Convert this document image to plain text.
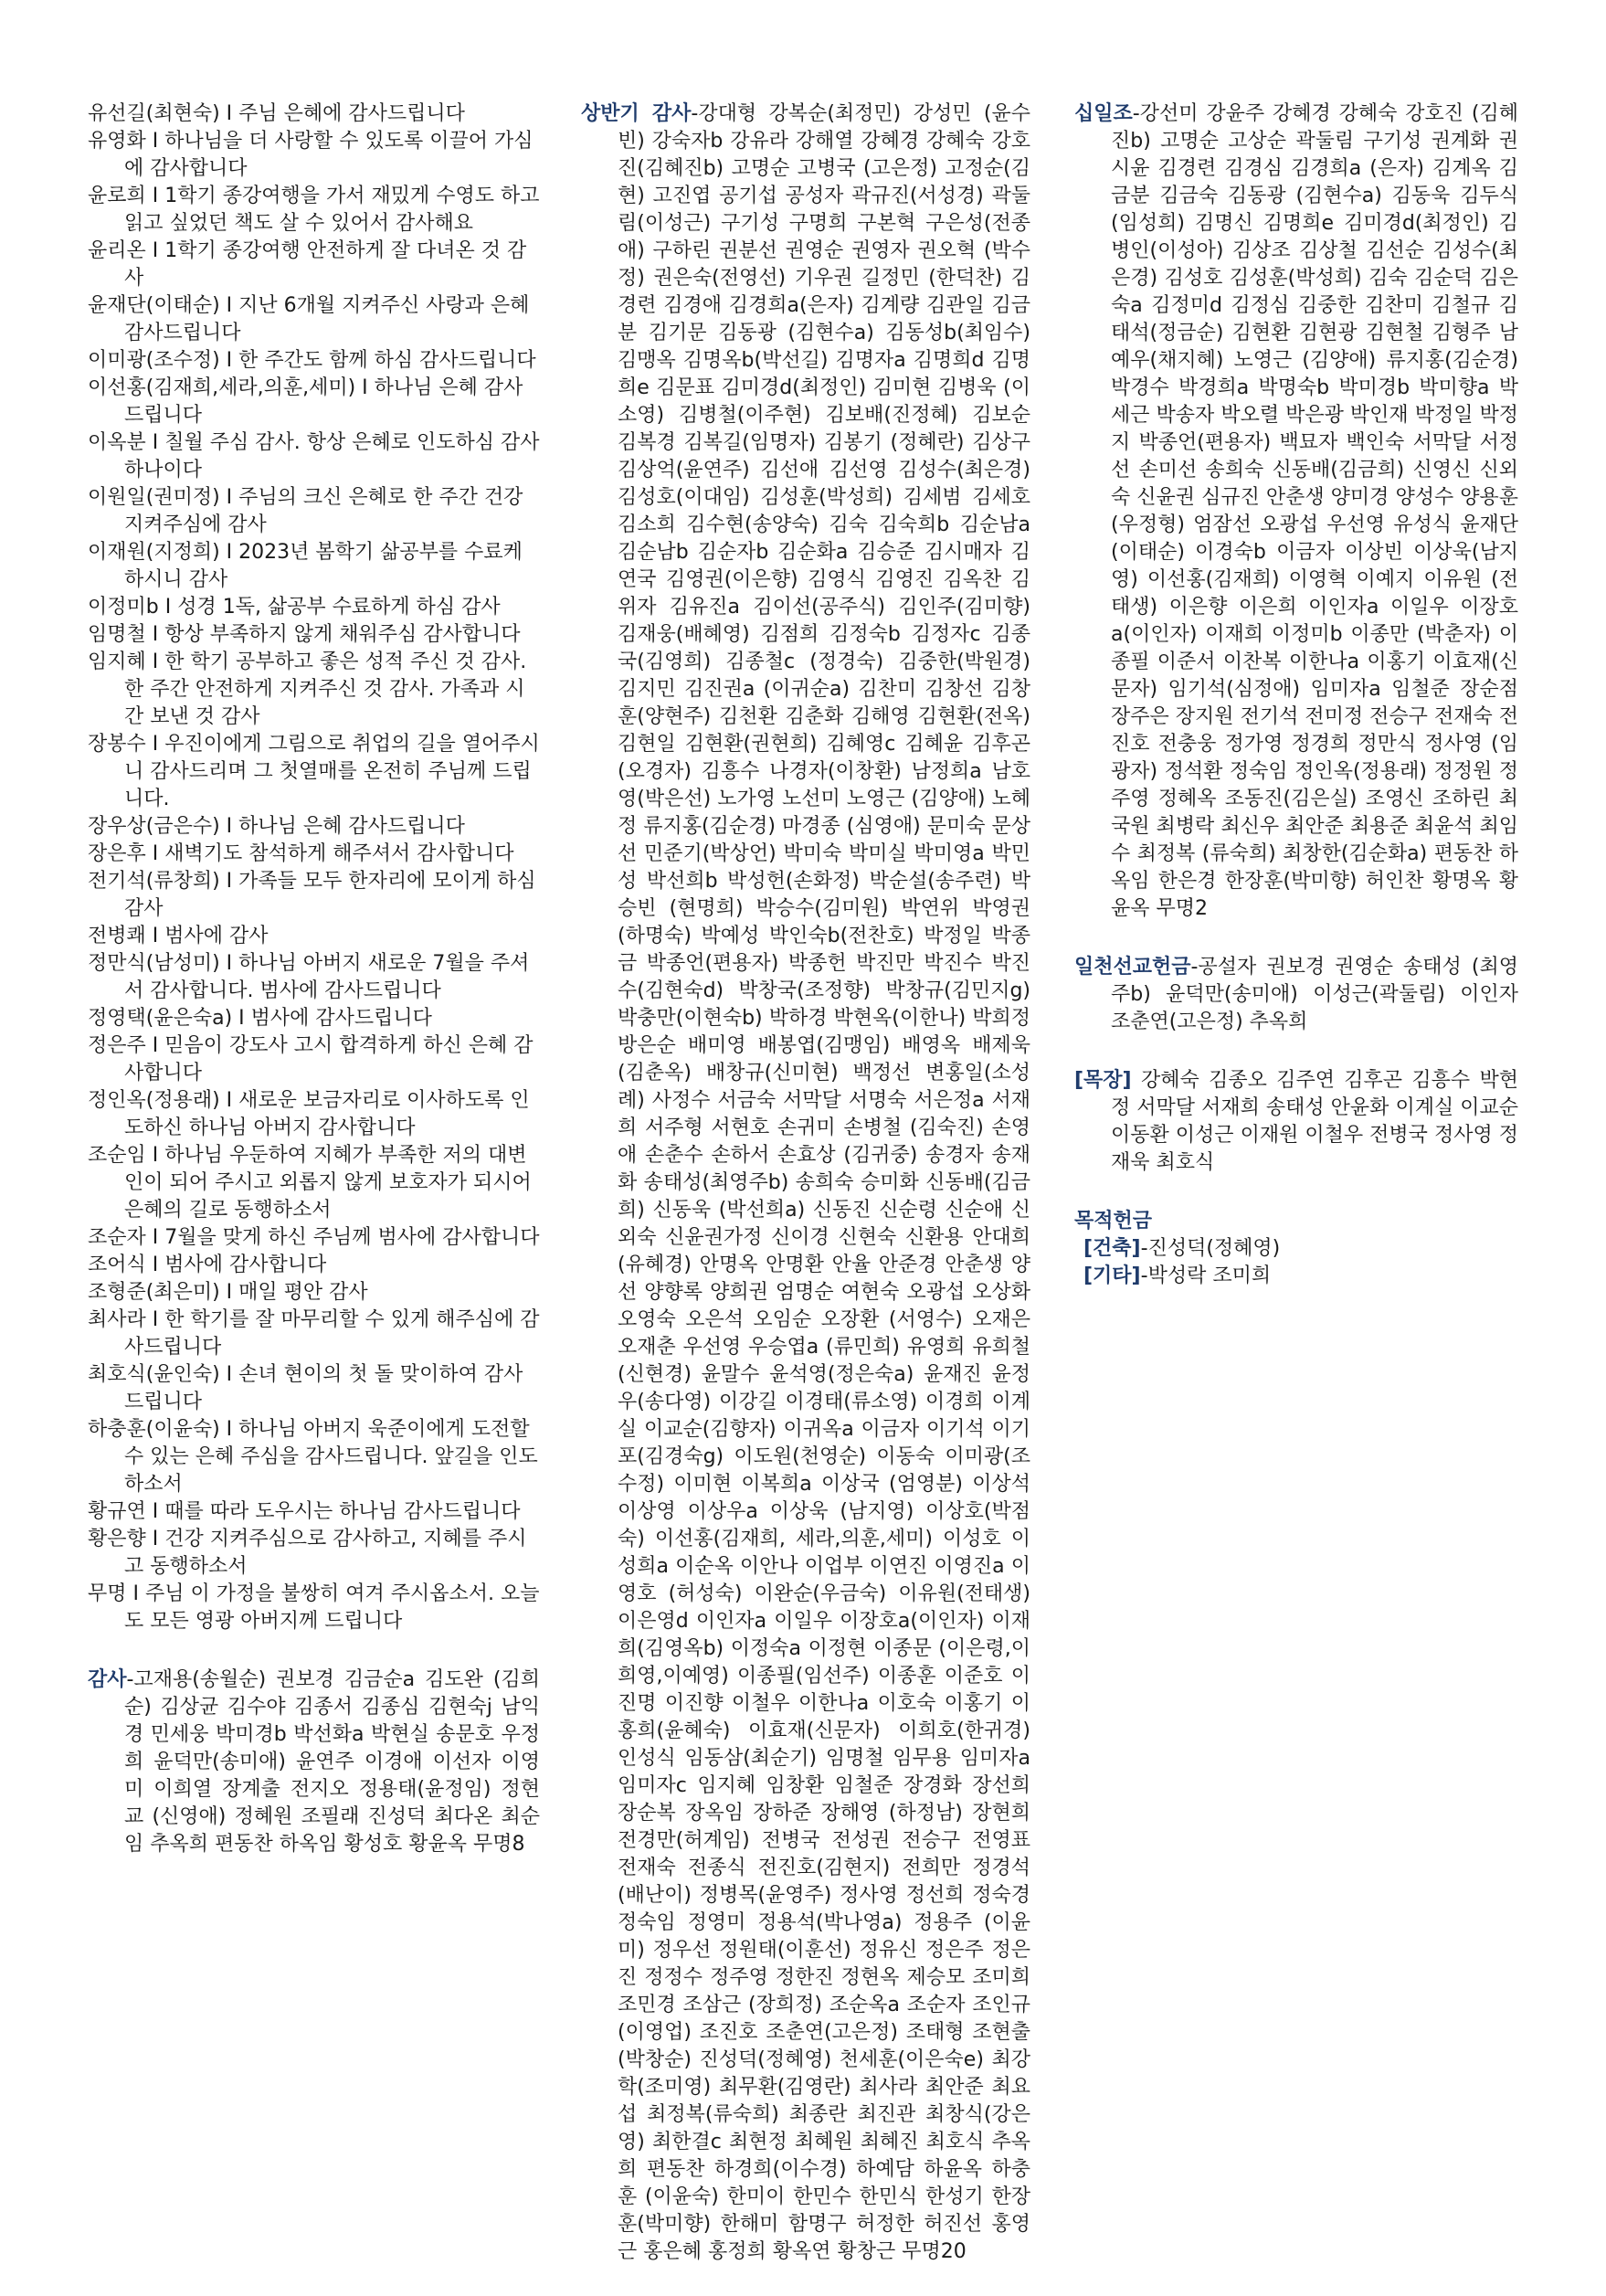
유선길(최현숙) I 주님 은혜에 감사드립니다

유영화 I 하나님을 더 사랑할 수 있도록 이끌어 가심에 감사합니다

윤로희 I 1학기 종강여행을 가서 재밌게 수영도 하고 읽고 싶었던 책도 살 수 있어서 감사해요

윤리온 I 1학기 종강여행 안전하게 잘 다녀온 것 감사

윤재단(이태순) I 지난 6개월 지켜주신 사랑과 은혜 감사드립니다

이미광(조수정) I 한 주간도 함께 하심 감사드립니다

이선홍(김재희,세라,의훈,세미) I 하나님 은혜 감사드립니다

이옥분 I 칠월 주심 감사. 항상 은혜로 인도하심 감사하나이다

이원일(권미정) I 주님의 크신 은혜로 한 주간 건강 지켜주심에 감사

이재원(지정희) I 2023년 봄학기 삶공부를 수료케 하시니 감사

이정미b I 성경 1독, 삶공부 수료하게 하심 감사

임명철 I 항상 부족하지 않게 채워주심 감사합니다

임지혜 I 한 학기 공부하고 좋은 성적 주신 것 감사. 한 주간 안전하게 지켜주신 것 감사. 가족과 시간 보낸 것 감사

장봉수 I 우진이에게 그림으로 취업의 길을 열어주시니 감사드리며 그 첫열매를 온전히 주님께 드립니다.

장우상(금은수) I 하나님 은혜 감사드립니다

장은후 I 새벽기도 참석하게 해주셔서 감사합니다

전기석(류창희) I 가족들 모두 한자리에 모이게 하심 감사

전병쾌 I 범사에 감사

정만식(남성미) I 하나님 아버지 새로운 7월을 주셔서 감사합니다. 범사에 감사드립니다

정영택(윤은숙a) I 범사에 감사드립니다

정은주 I 믿음이 강도사 고시 합격하게 하신 은혜 감사합니다

정인옥(정용래) I 새로운 보금자리로 이사하도록 인도하신 하나님 아버지 감사합니다

조순임 I 하나님 우둔하여 지혜가 부족한 저의 대변인이 되어 주시고 외롭지 않게 보호자가 되시어 은혜의 길로 동행하소서

조순자 I 7월을 맞게 하신 주님께 범사에 감사합니다

조어식 I 범사에 감사합니다

조형준(최은미) I 매일 평안 감사

최사라 I 한 학기를 잘 마무리할 수 있게 해주심에 감사드립니다

최호식(윤인숙) I 손녀 현이의 첫 돌 맞이하여 감사드립니다

하충훈(이윤숙) I 하나님 아버지 욱준이에게 도전할 수 있는 은혜 주심을 감사드립니다. 앞길을 인도하소서

황규연 I 때를 따라 도우시는 하나님 감사드립니다

황은향 I 건강 지켜주심으로 감사하고, 지혜를 주시고 동행하소서

무명 I 주님 이 가정을 불쌍히 여겨 주시옵소서. 오늘도 모든 영광 아버지께 드립니다

감사-고재용(송월순) 권보경 김금순a 김도완 (김희순) 김상균 김수야 김종서 김종심 김현숙j 남익경 민세웅 박미경b 박선화a 박현실 송문호 우정희 윤덕만(송미애) 윤연주 이경애 이선자 이영미 이희열 장계출 전지오 정용태(윤정임) 정현교 (신영애) 정혜원 조필래 진성덕 최다온 최순임 추옥희 편동찬 하옥임 황성호 황윤옥 무명8

상반기 감사-강대형 강복순(최정민) 강성민 (윤수빈) 강숙자b 강유라 강해열 강혜경 강혜숙 강호진(김혜진b) 고명순 고병국 (고은정) 고정순(김현) 고진엽 공기섭 공성자 곽규진(서성경) 곽둘림(이성근) 구기성 구명희 구본혁 구은성(전종애) 구하린 권분선 권영순 권영자 권오혁 (박수정) 권은숙(전영선) 기우권 길정민 (한덕찬) 김경련 김경애 김경희a(은자) 김계량 김관일 김금분 김기문 김동광 (김현수a) 김동성b(최임수) 김맹옥 김명옥b(박선길) 김명자a 김명희d 김명희e 김문표 김미경d(최정인) 김미현 김병욱 (이소영) 김병철(이주현) 김보배(진정혜) 김보순 김복경 김복길(임명자) 김봉기 (정혜란) 김상구 김상억(윤연주) 김선애 김선영 김성수(최은경) 김성호(이대임) 김성훈(박성희) 김세범 김세호 김소희 김수현(송양숙) 김숙 김숙희b 김순남a 김순남b 김순자b 김순화a 김승준 김시매자 김연국 김영권(이은향) 김영식 김영진 김옥찬 김위자 김유진a 김이선(공주식) 김인주(김미향) 김재웅(배혜영) 김점희 김정숙b 김정자c 김종국(김영희) 김종철c (정경숙) 김중한(박원경) 김지민 김진권a (이귀순a) 김찬미 김창선 김창훈(양현주) 김천환 김춘화 김해영 김현환(전옥) 김현일 김현환(권현희) 김혜영c 김혜윤 김후곤 (오경자) 김흥수 나경자(이창환) 남정희a 남호영(박은선) 노가영 노선미 노영근 (김양애) 노혜정 류지홍(김순경) 마경종 (심영애) 문미숙 문상선 민준기(박상언) 박미숙 박미실 박미영a 박민성 박선희b 박성헌(손화정) 박순설(송주련) 박승빈 (현명희) 박승수(김미원) 박연위 박영권 (하명숙) 박예성 박인숙b(전찬호) 박정일 박종금 박종언(편용자) 박종헌 박진만 박진수 박진수(김현숙d) 박창국(조정향) 박창규(김민지g) 박충만(이현숙b) 박하경 박현옥(이한나) 박희정 방은순 배미영 배봉엽(김맹임) 배영옥 배제욱(김춘옥) 배창규(신미현) 백정선 변홍일(소성례) 사정수 서금숙 서막달 서명숙 서은정a 서재희 서주형 서현호 손귀미 손병철 (김숙진) 손영애 손춘수 손하서 손효상 (김귀중) 송경자 송재화 송태성(최영주b) 송희숙 승미화 신동배(김금희) 신동욱 (박선희a) 신동진 신순령 신순애 신외숙 신윤권가정 신이경 신현숙 신환용 안대희 (유혜경) 안명옥 안명환 안율 안준경 안춘생 양선 양향록 양희권 엄명순 여현숙 오광섭 오상화 오영숙 오은석 오임순 오장환 (서영수) 오재은 오재춘 우선영 우승엽a (류민희) 유영희 유희철(신현경) 윤말수 윤석영(정은숙a) 윤재진 윤정우(송다영) 이강길 이경태(류소영) 이경희 이계실 이교순(김향자) 이귀옥a 이금자 이기석 이기포(김경숙g) 이도원(천영순) 이동숙 이미광(조수정) 이미현 이복희a 이상국 (엄영분) 이상석 이상영 이상우a 이상욱 (남지영) 이상호(박점숙) 이선홍(김재희, 세라,의훈,세미) 이성호 이성희a 이순옥 이안나 이업부 이연진 이영진a 이영호 (허성숙) 이완순(우금숙) 이유원(전태생) 이은영d 이인자a 이일우 이장호a(이인자) 이재희(김영옥b) 이정숙a 이정현 이종문 (이은령,이희영,이예영) 이종필(임선주) 이종훈 이준호 이진명 이진향 이철우 이한나a 이호숙 이홍기 이홍희(윤혜숙) 이효재(신문자) 이희호(한귀경) 인성식 임동삼(최순기) 임명철 임무용 임미자a 임미자c 임지혜 임창환 임철준 장경화 장선희 장순복 장옥임 장하준 장해영 (하정남) 장현희 전경만(허계임) 전병국 전성권 전승구 전영표 전재숙 전종식 전진호(김현지) 전희만 정경석(배난이) 정병목(윤영주) 정사영 정선희 정숙경 정숙임 정영미 정용석(박나영a) 정용주 (이윤미) 정우선 정원태(이훈선) 정유신 정은주 정은진 정정수 정주영 정한진 정현옥 제승모 조미희 조민경 조삼근 (장희정) 조순옥a 조순자 조인규(이영업) 조진호 조춘연(고은정) 조태형 조현출 (박창순) 진성덕(정혜영) 천세훈(이은숙e) 최강학(조미영) 최무환(김영란) 최사라 최안준 최요섭 최정복(류숙희) 최종란 최진관 최창식(강은영) 최한결c 최현정 최혜원 최혜진 최호식 추옥희 편동찬 하경희(이수경) 하예담 하윤옥 하충훈 (이윤숙) 한미이 한민수 한민식 한성기 한장훈(박미향) 한해미 함명구 허정한 허진선 홍영근 홍은혜 홍정희 황옥연 황창근 무명20

십일조-강선미 강윤주 강혜경 강혜숙 강호진 (김혜진b) 고명순 고상순 곽둘림 구기성 권계화 권시윤 김경련 김경심 김경희a (은자) 김계옥 김금분 김금숙 김동광 (김현수a) 김동욱 김두식(임성희) 김명신 김명희e 김미경d(최정인) 김병인(이성아) 김상조 김상철 김선순 김성수(최은경) 김성호 김성훈(박성희) 김숙 김순덕 김은숙a 김정미d 김정심 김중한 김찬미 김철규 김태석(정금순) 김현환 김현광 김현철 김형주 남예우(채지혜) 노영근 (김양애) 류지홍(김순경) 박경수 박경희a 박명숙b 박미경b 박미향a 박세근 박송자 박오렬 박은광 박인재 박정일 박정지 박종언(편용자) 백묘자 백인숙 서막달 서정선 손미선 송희숙 신동배(김금희) 신영신 신외숙 신윤권 심규진 안춘생 양미경 양성수 양용훈(우정형) 엄잠선 오광섭 우선영 유성식 윤재단(이태순) 이경숙b 이금자 이상빈 이상욱(남지영) 이선홍(김재희) 이영혁 이예지 이유원 (전태생) 이은향 이은희 이인자a 이일우 이장호a(이인자) 이재희 이정미b 이종만 (박춘자) 이종필 이준서 이찬복 이한나a 이홍기 이효재(신문자) 임기석(심정애) 임미자a 임철준 장순점 장주은 장지원 전기석 전미정 전승구 전재숙 전진호 전충웅 정가영 정경희 정만식 정사영 (임광자) 정석환 정숙임 정인옥(정용래) 정정원 정주영 정혜옥 조동진(김은실) 조영신 조하린 최국원 최병락 최신우 최안준 최용준 최윤석 최임수 최정복 (류숙희) 최창한(김순화a) 편동찬 하옥임 한은경 한장훈(박미향) 허인찬 황명옥 황윤옥 무명2

일천선교헌금-공설자 권보경 권영순 송태성 (최영주b) 윤덕만(송미애) 이성근(곽둘림) 이인자 조춘연(고은정) 추옥희

[목장] 강혜숙 김종오 김주연 김후곤 김흥수 박현정 서막달 서재희 송태성 안윤화 이계실 이교순 이동환 이성근 이재원 이철우 전병국 정사영 정재욱 최호식

목적헌금

[건축]-진성덕(정혜영)

[기타]-박성락 조미희
